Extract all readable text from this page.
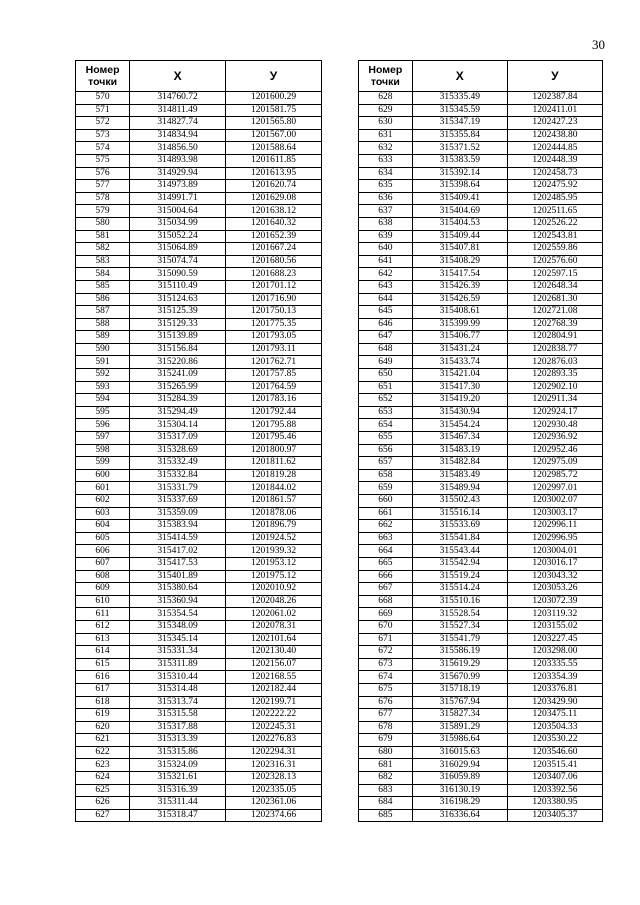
30
Номер
точки	X	У
570	314760.72	1201600.29
571	314811.49	1201581.75
572	314827.74	1201565.80
573	314834.94	1201567.00
574	314856.50	1201588.64
575	314893.98	1201611.85
576	314929.94	1201613.95
577	314973.89	1201620.74
578	314991.71	1201629.08
579	315004.64	1201638.12
580	315034.99	1201640.32
581	315052.24	1201652.39
582	315064.89	1201667.24
583	315074.74	1201680.56
584	315090.59	1201688.23
585	315110.49	1201701.12
586	315124.63	1201716.90
587	315125.39	1201750.13
588	315129.33	1201775.35
589	315139.89	1201793.05
590	315156.84	1201793.11
591	315220.86	1201762.71
592	315241.09	1201757.85
593	315265.99	1201764.59
594	315284.39	1201783.16
595	315294.49	1201792.44
596	315304.14	1201795.88
597	315317.09	1201795.46
598	315328.69	1201800.97
599	315332.49	1201811.62
600	315332.84	1201819.28
601	315331.79	1201844.02
602	315337.69	1201861.57
603	315359.09	1201878.06
604	315383.94	1201896.79
605	315414.59	1201924.52
606	315417.02	1201939.32
607	315417.53	1201953.12
608	315401.89	1201975.12
609	315380.64	1202010.92
610	315360.94	1202048.26
611	315354.54	1202061.02
612	315348.09	1202078.31
613	315345.14	1202101.64
614	315331.34	1202130.40
615	315311.89	1202156.07
616	315310.44	1202168.55
617	315314.48	1202182.44
618	315313.74	1202199.71
619	315315.58	1202222.22
620	315317.88	1202245.31
621	315313.39	1202276.83
622	315315.86	1202294.31
623	315324.09	1202316.31
624	315321.61	1202328.13
625	315316.39	1202335.05
626	315311.44	1202361.06
627	315318.47	1202374.66
Номер
точки	X	У
628	315335.49	1202387.84
629	315345.59	1202411.01
630	315347.19	1202427.23
631	315355.84	1202438.80
632	315371.52	1202444.85
633	315383.59	1202448.39
634	315392.14	1202458.73
635	315398.64	1202475.92
636	315409.41	1202485.95
637	315404.69	1202511.65
638	315404.53	1202526.22
639	315409.44	1202543.81
640	315407.81	1202559.86
641	315408.29	1202576.60
642	315417.54	1202597.15
643	315426.39	1202648.34
644	315426.59	1202681.30
645	315408.61	1202721.08
646	315399.99	1202768.39
647	315406.77	1202804.91
648	315431.24	1202838.77
649	315433.74	1202876.03
650	315421.04	1202893.35
651	315417.30	1202902.10
652	315419.20	1202911.34
653	315430.94	1202924.17
654	315454.24	1202930.48
655	315467.34	1202936.92
656	315483.19	1202952.46
657	315482.84	1202975.09
658	315483.49	1202985.72
659	315489.94	1202997.01
660	315502.43	1203002.07
661	315516.14	1203003.17
662	315533.69	1202996.11
663	315541.84	1202996.95
664	315543.44	1203004.01
665	315542.94	1203016.17
666	315519.24	1203043.32
667	315514.24	1203053.26
668	315510.16	1203072.39
669	315528.54	1203119.32
670	315527.34	1203155.02
671	315541.79	1203227.45
672	315586.19	1203298.00
673	315619.29	1203335.55
674	315670.99	1203354.39
675	315718.19	1203376.81
676	315767.94	1203429.90
677	315827.34	1203475.11
678	315891.29	1203504.33
679	315986.64	1203530.22
680	316015.63	1203546.60
681	316029.94	1203515.41
682	316059.89	1203407.06
683	316130.19	1203392.56
684	316198.29	1203380.95
685	316336.64	1203405.37
